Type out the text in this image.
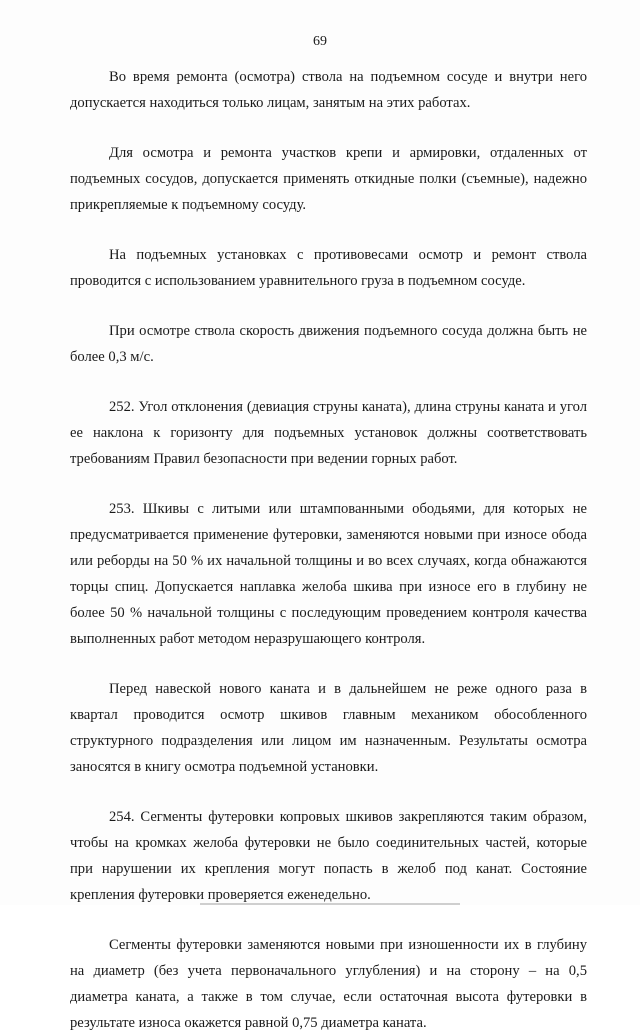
69

Во время ремонта (осмотра) ствола на подъемном сосуде и внутри него допускается находиться только лицам, занятым на этих работах.

Для осмотра и ремонта участков крепи и армировки, отдаленных от подъемных сосудов, допускается применять откидные полки (съемные), надежно прикрепляемые к подъемному сосуду.

На подъемных установках с противовесами осмотр и ремонт ствола проводится с использованием уравнительного груза в подъемном сосуде.

При осмотре ствола скорость движения подъемного сосуда должна быть не более 0,3 м/с.

252. Угол отклонения (девиация струны каната), длина струны каната и угол ее наклона к горизонту для подъемных установок должны соответствовать требованиям Правил безопасности при ведении горных работ.

253. Шкивы с литыми или штампованными ободьями, для которых не предусматривается применение футеровки, заменяются новыми при износе обода или реборды на 50 % их начальной толщины и во всех случаях, когда обнажаются торцы спиц. Допускается наплавка желоба шкива при износе его в глубину не более 50 % начальной толщины с последующим проведением контроля качества выполненных работ методом неразрушающего контроля.

Перед навеской нового каната и в дальнейшем не реже одного раза в квартал проводится осмотр шкивов главным механиком обособленного структурного подразделения или лицом им назначенным. Результаты осмотра заносятся в книгу осмотра подъемной установки.

254. Сегменты футеровки копровых шкивов закрепляются таким образом, чтобы на кромках желоба футеровки не было соединительных частей, которые при нарушении их крепления могут попасть в желоб под канат. Состояние крепления футеровки проверяется еженедельно.

Сегменты футеровки заменяются новыми при изношенности их в глубину на диаметр (без учета первоначального углубления) и на сторону – на 0,5 диаметра каната, а также в том случае, если остаточная высота футеровки в результате износа окажется равной 0,75 диаметра каната.
